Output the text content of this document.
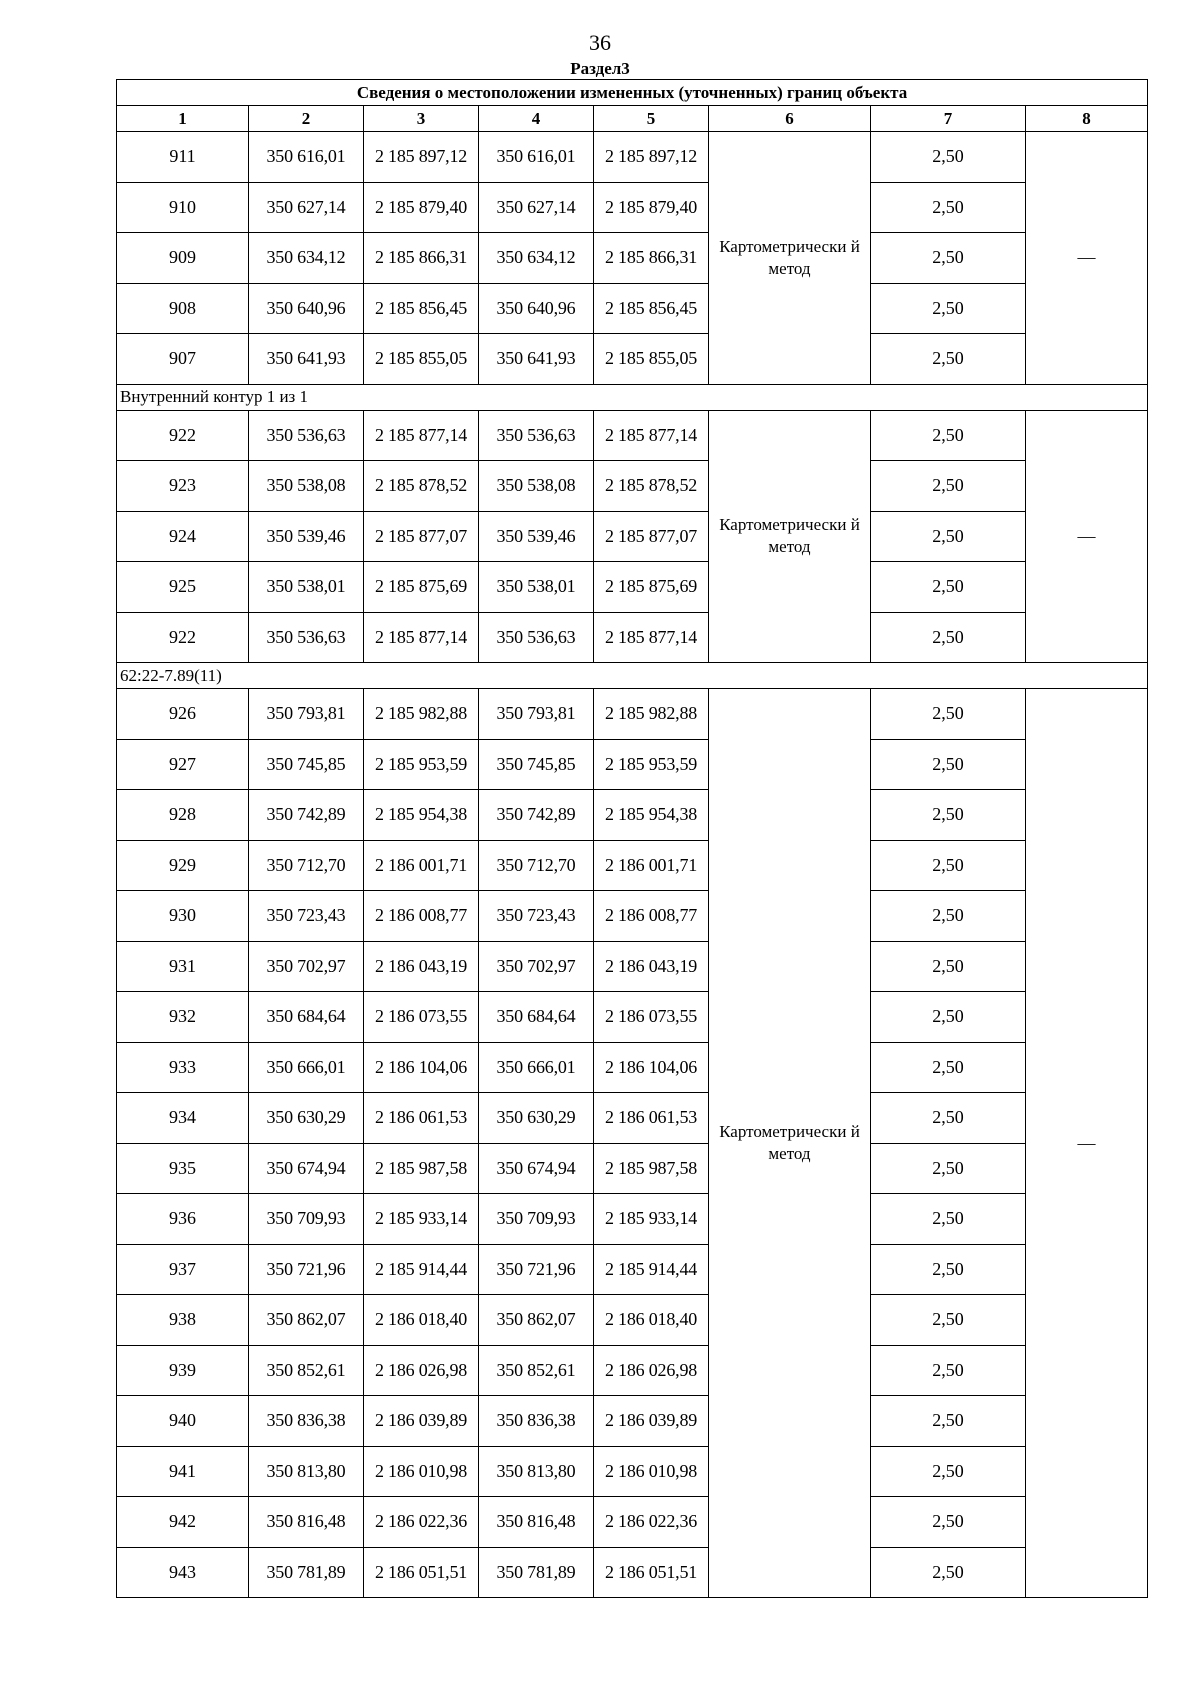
36
Раздел3
Сведения о местоположении измененных (уточненных) границ объекта							
1	2	3	4	5	6	7	8
911	350 616,01	2 185 897,12	350 616,01	2 185 897,12	Картометрически й метод	2,50	—
910	350 627,14	2 185 879,40	350 627,14	2 185 879,40		2,50	
909	350 634,12	2 185 866,31	350 634,12	2 185 866,31		2,50	
908	350 640,96	2 185 856,45	350 640,96	2 185 856,45		2,50	
907	350 641,93	2 185 855,05	350 641,93	2 185 855,05		2,50	
Внутренний контур 1 из 1							
922	350 536,63	2 185 877,14	350 536,63	2 185 877,14	Картометрически й метод	2,50	—
923	350 538,08	2 185 878,52	350 538,08	2 185 878,52		2,50	
924	350 539,46	2 185 877,07	350 539,46	2 185 877,07		2,50	
925	350 538,01	2 185 875,69	350 538,01	2 185 875,69		2,50	
922	350 536,63	2 185 877,14	350 536,63	2 185 877,14		2,50	
62:22-7.89(11)							
926	350 793,81	2 185 982,88	350 793,81	2 185 982,88	Картометрически й метод	2,50	—
927	350 745,85	2 185 953,59	350 745,85	2 185 953,59		2,50	
928	350 742,89	2 185 954,38	350 742,89	2 185 954,38		2,50	
929	350 712,70	2 186 001,71	350 712,70	2 186 001,71		2,50	
930	350 723,43	2 186 008,77	350 723,43	2 186 008,77		2,50	
931	350 702,97	2 186 043,19	350 702,97	2 186 043,19		2,50	
932	350 684,64	2 186 073,55	350 684,64	2 186 073,55		2,50	
933	350 666,01	2 186 104,06	350 666,01	2 186 104,06		2,50	
934	350 630,29	2 186 061,53	350 630,29	2 186 061,53		2,50	
935	350 674,94	2 185 987,58	350 674,94	2 185 987,58		2,50	
936	350 709,93	2 185 933,14	350 709,93	2 185 933,14		2,50	
937	350 721,96	2 185 914,44	350 721,96	2 185 914,44		2,50	
938	350 862,07	2 186 018,40	350 862,07	2 186 018,40		2,50	
939	350 852,61	2 186 026,98	350 852,61	2 186 026,98		2,50	
940	350 836,38	2 186 039,89	350 836,38	2 186 039,89		2,50	
941	350 813,80	2 186 010,98	350 813,80	2 186 010,98		2,50	
942	350 816,48	2 186 022,36	350 816,48	2 186 022,36		2,50	
943	350 781,89	2 186 051,51	350 781,89	2 186 051,51		2,50	
